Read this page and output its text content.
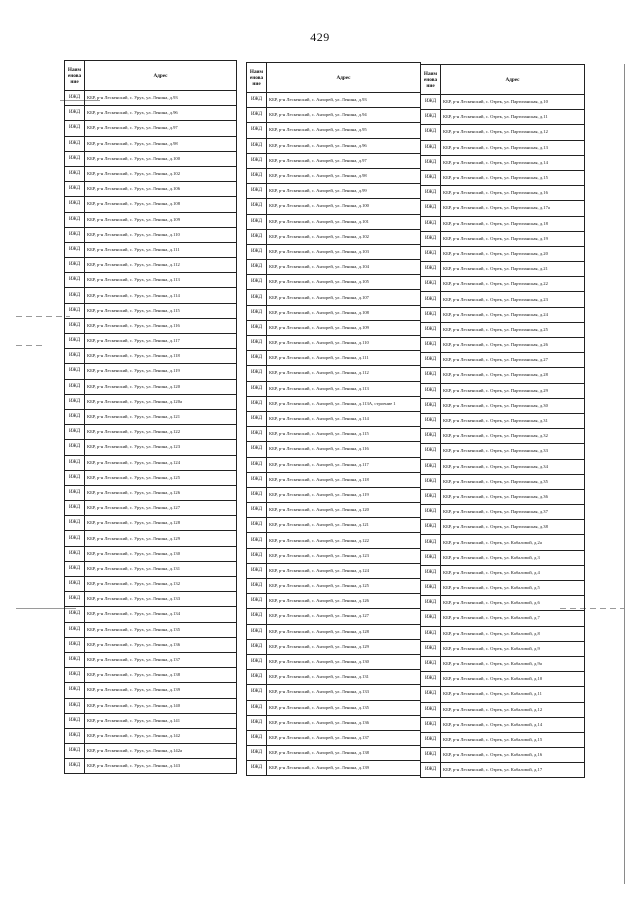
429
Наим енова ние	Адрес
ИЖД	КБР, р-н Лескенский, с. Урух, ул. Ленина, д.93
ИЖД	КБР, р-н Лескенский, с. Урух, ул. Ленина, д.96
ИЖД	КБР, р-н Лескенский, с. Урух, ул. Ленина, д.97
ИЖД	КБР, р-н Лескенский, с. Урух, ул. Ленина, д.98
ИЖД	КБР, р-н Лескенский, с. Урух, ул. Ленина, д.100
ИЖД	КБР, р-н Лескенский, с. Урух, ул. Ленина, д.102
ИЖД	КБР, р-н Лескенский, с. Урух, ул. Ленина, д.106
ИЖД	КБР, р-н Лескенский, с. Урух, ул. Ленина, д.108
ИЖД	КБР, р-н Лескенский, с. Урух, ул. Ленина, д.109
ИЖД	КБР, р-н Лескенский, с. Урух, ул. Ленина, д.110
ИЖД	КБР, р-н Лескенский, с. Урух, ул. Ленина, д.111
ИЖД	КБР, р-н Лескенский, с. Урух, ул. Ленина, д.112
ИЖД	КБР, р-н Лескенский, с. Урух, ул. Ленина, д.113
ИЖД	КБР, р-н Лескенский, с. Урух, ул. Ленина, д.114
ИЖД	КБР, р-н Лескенский, с. Урух, ул. Ленина, д.115
ИЖД	КБР, р-н Лескенский, с. Урух, ул. Ленина, д.116
ИЖД	КБР, р-н Лескенский, с. Урух, ул. Ленина, д.117
ИЖД	КБР, р-н Лескенский, с. Урух, ул. Ленина, д.118
ИЖД	КБР, р-н Лескенский, с. Урух, ул. Ленина, д.119
ИЖД	КБР, р-н Лескенский, с. Урух, ул. Ленина, д.120
ИЖД	КБР, р-н Лескенский, с. Урух, ул. Ленина, д.120а
ИЖД	КБР, р-н Лескенский, с. Урух, ул. Ленина, д.121
ИЖД	КБР, р-н Лескенский, с. Урух, ул. Ленина, д.122
ИЖД	КБР, р-н Лескенский, с. Урух, ул. Ленина, д.123
ИЖД	КБР, р-н Лескенский, с. Урух, ул. Ленина, д.124
ИЖД	КБР, р-н Лескенский, с. Урух, ул. Ленина, д.125
ИЖД	КБР, р-н Лескенский, с. Урух, ул. Ленина, д.126
ИЖД	КБР, р-н Лескенский, с. Урух, ул. Ленина, д.127
ИЖД	КБР, р-н Лескенский, с. Урух, ул. Ленина, д.128
ИЖД	КБР, р-н Лескенский, с. Урух, ул. Ленина, д.129
ИЖД	КБР, р-н Лескенский, с. Урух, ул. Ленина, д.130
ИЖД	КБР, р-н Лескенский, с. Урух, ул. Ленина, д.131
ИЖД	КБР, р-н Лескенский, с. Урух, ул. Ленина, д.132
ИЖД	КБР, р-н Лескенский, с. Урух, ул. Ленина, д.133
ИЖД	КБР, р-н Лескенский, с. Урух, ул. Ленина, д.134
ИЖД	КБР, р-н Лескенский, с. Урух, ул. Ленина, д.135
ИЖД	КБР, р-н Лескенский, с. Урух, ул. Ленина, д.136
ИЖД	КБР, р-н Лескенский, с. Урух, ул. Ленина, д.137
ИЖД	КБР, р-н Лескенский, с. Урух, ул. Ленина, д.138
ИЖД	КБР, р-н Лескенский, с. Урух, ул. Ленина, д.139
ИЖД	КБР, р-н Лескенский, с. Урух, ул. Ленина, д.140
ИЖД	КБР, р-н Лескенский, с. Урух, ул. Ленина, д.141
ИЖД	КБР, р-н Лескенский, с. Урух, ул. Ленина, д.142
ИЖД	КБР, р-н Лескенский, с. Урух, ул. Ленина, д.142а
ИЖД	КБР, р-н Лескенский, с. Урух, ул. Ленина, д.143
Наим енова ние	Адрес
ИЖД	КБР, р-н Лескенский, с. Анзорей, ул. Ленина, д.93
ИЖД	КБР, р-н Лескенский, с. Анзорей, ул. Ленина, д.94
ИЖД	КБР, р-н Лескенский, с. Анзорей, ул. Ленина, д.95
ИЖД	КБР, р-н Лескенский, с. Анзорей, ул. Ленина, д.96
ИЖД	КБР, р-н Лескенский, с. Анзорей, ул. Ленина, д.97
ИЖД	КБР, р-н Лескенский, с. Анзорей, ул. Ленина, д.98
ИЖД	КБР, р-н Лескенский, с. Анзорей, ул. Ленина, д.99
ИЖД	КБР, р-н Лескенский, с. Анзорей, ул. Ленина, д.100
ИЖД	КБР, р-н Лескенский, с. Анзорей, ул. Ленина, д.101
ИЖД	КБР, р-н Лескенский, с. Анзорей, ул. Ленина, д.102
ИЖД	КБР, р-н Лескенский, с. Анзорей, ул. Ленина, д.103
ИЖД	КБР, р-н Лескенский, с. Анзорей, ул. Ленина, д.104
ИЖД	КБР, р-н Лескенский, с. Анзорей, ул. Ленина, д.105
ИЖД	КБР, р-н Лескенский, с. Анзорей, ул. Ленина, д.107
ИЖД	КБР, р-н Лескенский, с. Анзорей, ул. Ленина, д.108
ИЖД	КБР, р-н Лескенский, с. Анзорей, ул. Ленина, д.109
ИЖД	КБР, р-н Лескенский, с. Анзорей, ул. Ленина, д.110
ИЖД	КБР, р-н Лескенский, с. Анзорей, ул. Ленина, д.111
ИЖД	КБР, р-н Лескенский, с. Анзорей, ул. Ленина, д.112
ИЖД	КБР, р-н Лескенский, с. Анзорей, ул. Ленина, д.113
ИЖД	КБР, р-н Лескенский, с. Анзорей, ул. Ленина, д.113А, строение 1
ИЖД	КБР, р-н Лескенский, с. Анзорей, ул. Ленина, д.114
ИЖД	КБР, р-н Лескенский, с. Анзорей, ул. Ленина, д.115
ИЖД	КБР, р-н Лескенский, с. Анзорей, ул. Ленина, д.116
ИЖД	КБР, р-н Лескенский, с. Анзорей, ул. Ленина, д.117
ИЖД	КБР, р-н Лескенский, с. Анзорей, ул. Ленина, д.118
ИЖД	КБР, р-н Лескенский, с. Анзорей, ул. Ленина, д.119
ИЖД	КБР, р-н Лескенский, с. Анзорей, ул. Ленина, д.120
ИЖД	КБР, р-н Лескенский, с. Анзорей, ул. Ленина, д.121
ИЖД	КБР, р-н Лескенский, с. Анзорей, ул. Ленина, д.122
ИЖД	КБР, р-н Лескенский, с. Анзорей, ул. Ленина, д.123
ИЖД	КБР, р-н Лескенский, с. Анзорей, ул. Ленина, д.124
ИЖД	КБР, р-н Лескенский, с. Анзорей, ул. Ленина, д.125
ИЖД	КБР, р-н Лескенский, с. Анзорей, ул. Ленина, д.126
ИЖД	КБР, р-н Лескенский, с. Анзорей, ул. Ленина, д.127
ИЖД	КБР, р-н Лескенский, с. Анзорей, ул. Ленина, д.128
ИЖД	КБР, р-н Лескенский, с. Анзорей, ул. Ленина, д.129
ИЖД	КБР, р-н Лескенский, с. Анзорей, ул. Ленина, д.130
ИЖД	КБР, р-н Лескенский, с. Анзорей, ул. Ленина, д.131
ИЖД	КБР, р-н Лескенский, с. Анзорей, ул. Ленина, д.133
ИЖД	КБР, р-н Лескенский, с. Анзорей, ул. Ленина, д.135
ИЖД	КБР, р-н Лескенский, с. Анзорей, ул. Ленина, д.136
ИЖД	КБР, р-н Лескенский, с. Анзорей, ул. Ленина, д.137
ИЖД	КБР, р-н Лескенский, с. Анзорей, ул. Ленина, д.138
ИЖД	КБР, р-н Лескенский, с. Анзорей, ул. Ленина, д.139
Наим енова ние	Адрес
ИЖД	КБР, р-н Лескенский, с. Озрек, ул. Партизанская, д.10
ИЖД	КБР, р-н Лескенский, с. Озрек, ул. Партизанская, д.11
ИЖД	КБР, р-н Лескенский, с. Озрек, ул. Партизанская, д.12
ИЖД	КБР, р-н Лескенский, с. Озрек, ул. Партизанская, д.13
ИЖД	КБР, р-н Лескенский, с. Озрек, ул. Партизанская, д.14
ИЖД	КБР, р-н Лескенский, с. Озрек, ул. Партизанская, д.15
ИЖД	КБР, р-н Лескенский, с. Озрек, ул. Партизанская, д.16
ИЖД	КБР, р-н Лескенский, с. Озрек, ул. Партизанская, д.17а
ИЖД	КБР, р-н Лескенский, с. Озрек, ул. Партизанская, д.18
ИЖД	КБР, р-н Лескенский, с. Озрек, ул. Партизанская, д.19
ИЖД	КБР, р-н Лескенский, с. Озрек, ул. Партизанская, д.20
ИЖД	КБР, р-н Лескенский, с. Озрек, ул. Партизанская, д.21
ИЖД	КБР, р-н Лескенский, с. Озрек, ул. Партизанская, д.22
ИЖД	КБР, р-н Лескенский, с. Озрек, ул. Партизанская, д.23
ИЖД	КБР, р-н Лескенский, с. Озрек, ул. Партизанская, д.24
ИЖД	КБР, р-н Лескенский, с. Озрек, ул. Партизанская, д.25
ИЖД	КБР, р-н Лескенский, с. Озрек, ул. Партизанская, д.26
ИЖД	КБР, р-н Лескенский, с. Озрек, ул. Партизанская, д.27
ИЖД	КБР, р-н Лескенский, с. Озрек, ул. Партизанская, д.28
ИЖД	КБР, р-н Лескенский, с. Озрек, ул. Партизанская, д.29
ИЖД	КБР, р-н Лескенский, с. Озрек, ул. Партизанская, д.30
ИЖД	КБР, р-н Лескенский, с. Озрек, ул. Партизанская, д.31
ИЖД	КБР, р-н Лескенский, с. Озрек, ул. Партизанская, д.32
ИЖД	КБР, р-н Лескенский, с. Озрек, ул. Партизанская, д.33
ИЖД	КБР, р-н Лескенский, с. Озрек, ул. Партизанская, д.34
ИЖД	КБР, р-н Лескенский, с. Озрек, ул. Партизанская, д.35
ИЖД	КБР, р-н Лескенский, с. Озрек, ул. Партизанская, д.36
ИЖД	КБР, р-н Лескенский, с. Озрек, ул. Партизанская, д.37
ИЖД	КБР, р-н Лескенский, с. Озрек, ул. Партизанская, д.38
ИЖД	КБР, р-н Лескенский, с. Озрек, ул. Кабаловой, д.2а
ИЖД	КБР, р-н Лескенский, с. Озрек, ул. Кабаловой, д.3
ИЖД	КБР, р-н Лескенский, с. Озрек, ул. Кабаловой, д.4
ИЖД	КБР, р-н Лескенский, с. Озрек, ул. Кабаловой, д.5
ИЖД	КБР, р-н Лескенский, с. Озрек, ул. Кабаловой, д.6
ИЖД	КБР, р-н Лескенский, с. Озрек, ул. Кабаловой, д.7
ИЖД	КБР, р-н Лескенский, с. Озрек, ул. Кабаловой, д.8
ИЖД	КБР, р-н Лескенский, с. Озрек, ул. Кабаловой, д.9
ИЖД	КБР, р-н Лескенский, с. Озрек, ул. Кабаловой, д.9а
ИЖД	КБР, р-н Лескенский, с. Озрек, ул. Кабаловой, д.10
ИЖД	КБР, р-н Лескенский, с. Озрек, ул. Кабаловой, д.11
ИЖД	КБР, р-н Лескенский, с. Озрек, ул. Кабаловой, д.12
ИЖД	КБР, р-н Лескенский, с. Озрек, ул. Кабаловой, д.14
ИЖД	КБР, р-н Лескенский, с. Озрек, ул. Кабаловой, д.15
ИЖД	КБР, р-н Лескенский, с. Озрек, ул. Кабаловой, д.16
ИЖД	КБР, р-н Лескенский, с. Озрек, ул. Кабаловой, д.17
